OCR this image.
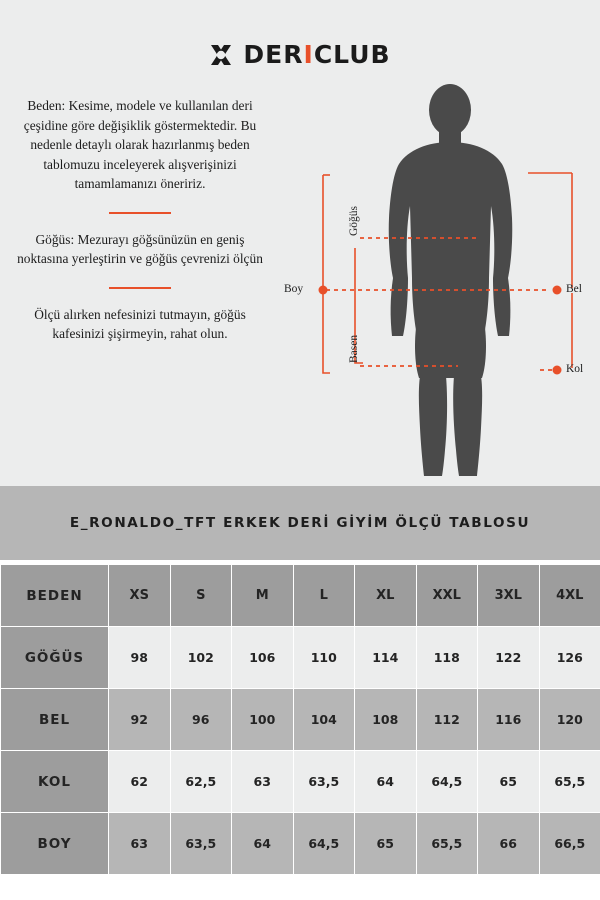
DERICLUB

Beden: Kesime, modele ve kullanılan deri çeşidine göre değişiklik göstermektedir. Bu nedenle detaylı olarak hazırlanmış beden tablomuzu inceleyerek alışverişinizi tamamlamanızı öneririz.

Göğüs: Mezurayı göğsünüzün en geniş noktasına yerleştirin ve göğüs çevrenizi ölçün

Ölçü alırken nefesinizi tutmayın, göğüs kafesinizi şişirmeyin, rahat olun.

Göğüs
Basen
Boy	Bel
Kol
E_RONALDO_TFT ERKEK DERİ GİYİM ÖLÇÜ TABLOSU
BEDEN	XS	S	M	L	XL	XXL	3XL	4XL
GÖĞÜS	98	102	106	110	114	118	122	126
BEL	92	96	100	104	108	112	116	120
KOL	62	62,5	63	63,5	64	64,5	65	65,5
BOY	63	63,5	64	64,5	65	65,5	66	66,5
